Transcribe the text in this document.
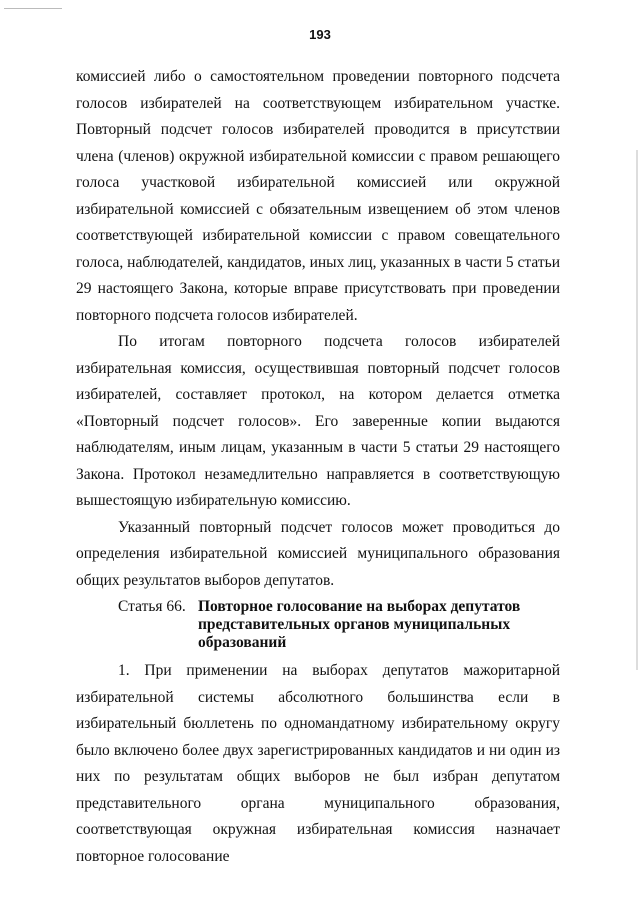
193

комиссией либо о самостоятельном проведении повторного подсчета голосов избирателей на соответствующем избирательном участке. Повторный подсчет голосов избирателей проводится в присутствии члена (членов) окружной избирательной комиссии с правом решающего голоса участковой избирательной комиссией или окружной избирательной комиссией с обязательным извещением об этом членов соответствующей избирательной комиссии с правом совещательного голоса, наблюдателей, кандидатов, иных лиц, указанных в части 5 статьи 29 настоящего Закона, которые вправе присутствовать при проведении повторного подсчета голосов избирателей.

По итогам повторного подсчета голосов избирателей избирательная комиссия, осуществившая повторный подсчет голосов избирателей, составляет протокол, на котором делается отметка «Повторный подсчет голосов». Его заверенные копии выдаются наблюдателям, иным лицам, указанным в части 5 статьи 29 настоящего Закона. Протокол незамедлительно направляется в соответствующую вышестоящую избирательную комиссию.

Указанный повторный подсчет голосов может проводиться до определения избирательной комиссией муниципального образования общих результатов выборов депутатов.

Статья 66. Повторное голосование на выборах депутатов представительных органов муниципальных образований

1. При применении на выборах депутатов мажоритарной избирательной системы абсолютного большинства если в избирательный бюллетень по одномандатному избирательному округу было включено более двух зарегистрированных кандидатов и ни один из них по результатам общих выборов не был избран депутатом представительного органа муниципального образования, соответствующая окружная избирательная комиссия назначает повторное голосование
